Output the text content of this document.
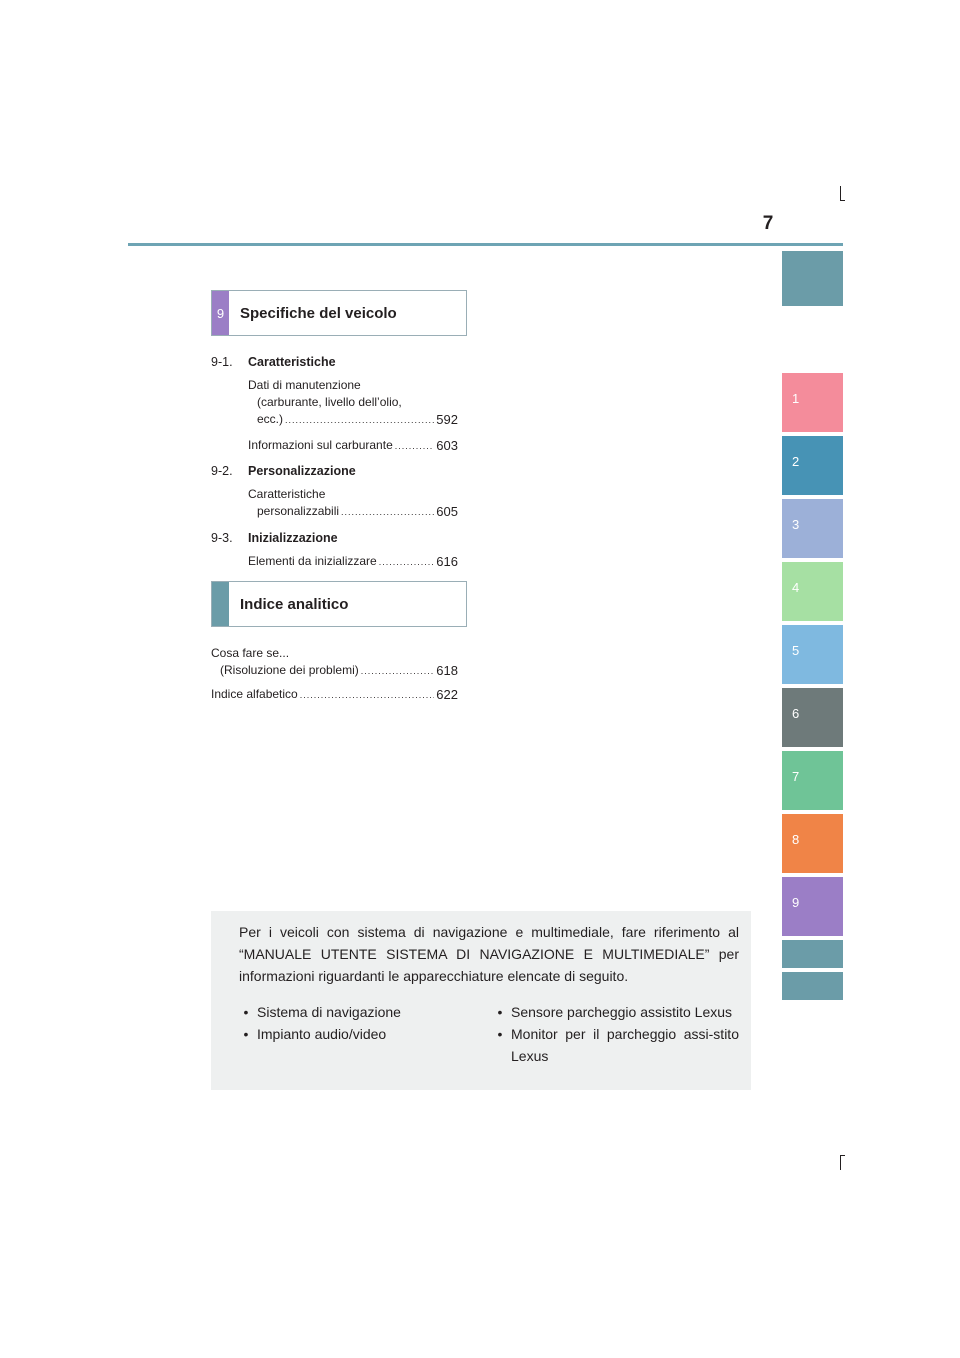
7
1
2
3
4
5
6
7
8
9
9	Specifiche del veicolo
9-1.	Caratteristiche
Dati di manutenzione
(carburante, livello dell’olio,
ecc.) .....	592
Informazioni sul carburante .....	603
9-2.	Personalizzazione
Caratteristiche
personalizzabili .....	605
9-3.	Inizializzazione
Elementi da inizializzare .....	616
Indice analitico
Cosa fare se...
(Risoluzione dei problemi) .....	618
Indice alfabetico .....	622

Per i veicoli con sistema di navigazione e multimediale, fare riferimento al “MANUALE UTENTE SISTEMA DI NAVIGAZIONE E MULTIMEDIALE” per informazioni riguardanti le apparecchiature elencate di seguito.

• Sistema di navigazione
• Impianto audio/video
• Sensore parcheggio assistito Lexus
• Monitor per il parcheggio assi-stito Lexus
